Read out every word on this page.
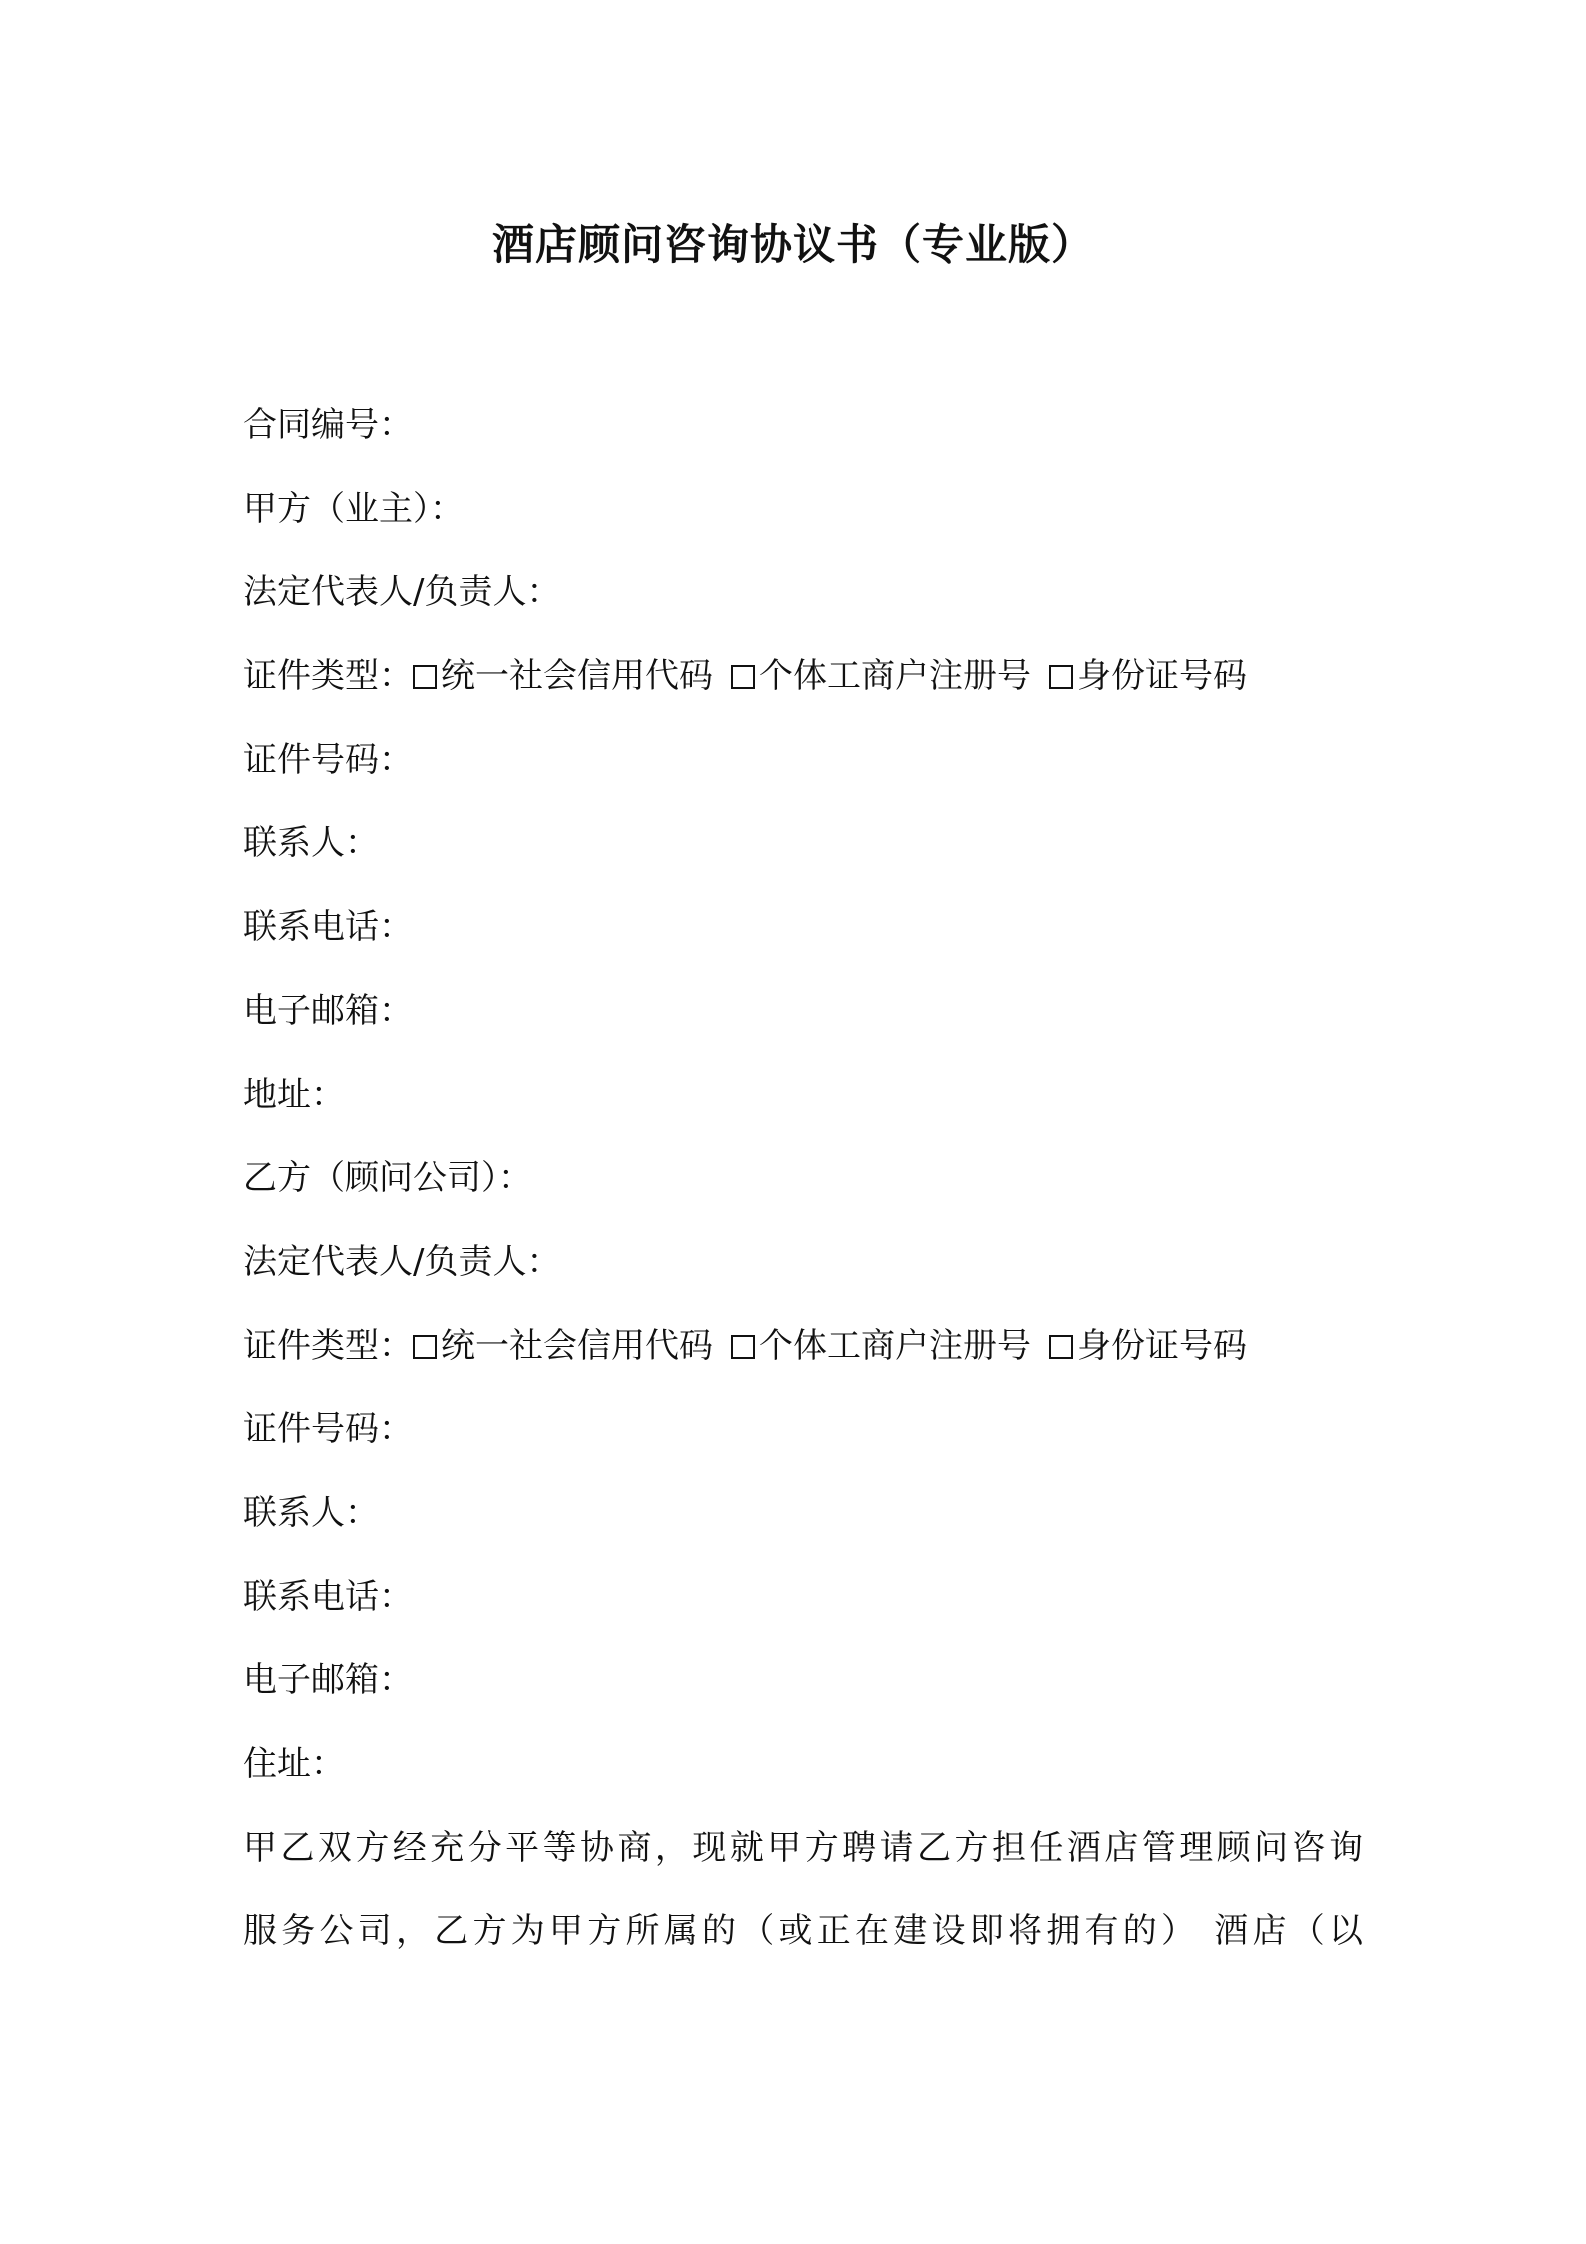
酒店顾问咨询协议书（专业版）
合同编号：
甲方（业主）：
法定代表人/负责人：
证件类型： 统一社会信用代码 个体工商户注册号 身份证号码
证件号码：
联系人：
联系电话：
电子邮箱：
地址：
乙方（顾问公司）：
法定代表人/负责人：
证件类型： 统一社会信用代码 个体工商户注册号 身份证号码
证件号码：
联系人：
联系电话：
电子邮箱：
住址：
甲乙双方经充分平等协商，现就甲方聘请乙方担任酒店管理顾问咨询
服务公司，乙方为甲方所属的（或正在建设即将拥有的） 酒店（以
